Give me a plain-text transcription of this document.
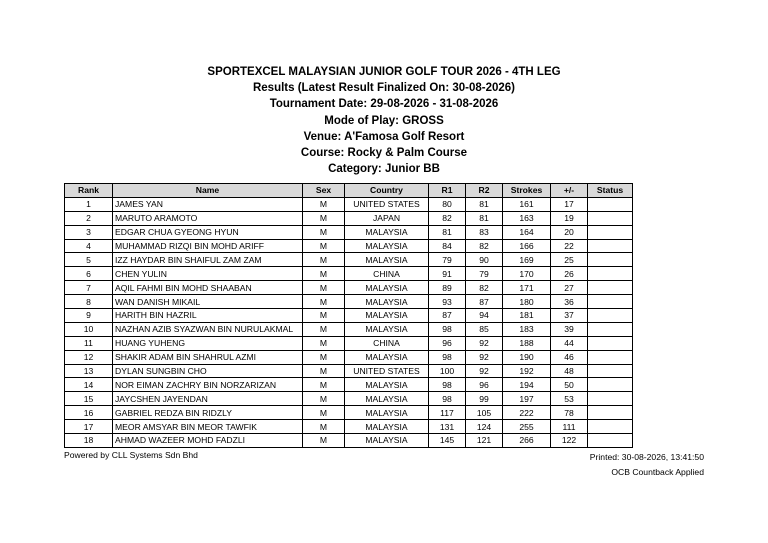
SPORTEXCEL MALAYSIAN JUNIOR GOLF TOUR 2026 - 4TH LEG
Results (Latest Result Finalized On: 30-08-2026)
Tournament Date: 29-08-2026 - 31-08-2026
Mode of Play: GROSS
Venue: A'Famosa Golf Resort
Course: Rocky & Palm Course
Category: Junior BB
Rank	Name	Sex	Country	R1	R2	Strokes	+/-	Status
1	JAMES YAN	M	UNITED STATES	80	81	161	17	
2	MARUTO ARAMOTO	M	JAPAN	82	81	163	19	
3	EDGAR CHUA GYEONG HYUN	M	MALAYSIA	81	83	164	20	
4	MUHAMMAD RIZQI BIN MOHD ARIFF	M	MALAYSIA	84	82	166	22	
5	IZZ HAYDAR BIN SHAIFUL ZAM ZAM	M	MALAYSIA	79	90	169	25	
6	CHEN YULIN	M	CHINA	91	79	170	26	
7	AQIL FAHMI BIN MOHD SHAABAN	M	MALAYSIA	89	82	171	27	
8	WAN DANISH MIKAIL	M	MALAYSIA	93	87	180	36	
9	HARITH BIN HAZRIL	M	MALAYSIA	87	94	181	37	
10	NAZHAN AZIB SYAZWAN BIN NURULAKMAL	M	MALAYSIA	98	85	183	39	
11	HUANG YUHENG	M	CHINA	96	92	188	44	
12	SHAKIR ADAM BIN SHAHRUL AZMI	M	MALAYSIA	98	92	190	46	
13	DYLAN SUNGBIN CHO	M	UNITED STATES	100	92	192	48	
14	NOR EIMAN ZACHRY BIN NORZARIZAN	M	MALAYSIA	98	96	194	50	
15	JAYCSHEN JAYENDAN	M	MALAYSIA	98	99	197	53	
16	GABRIEL REDZA BIN RIDZLY	M	MALAYSIA	117	105	222	78	
17	MEOR AMSYAR BIN MEOR TAWFIK	M	MALAYSIA	131	124	255	111	
18	AHMAD WAZEER MOHD FADZLI	M	MALAYSIA	145	121	266	122	
Powered by CLL Systems Sdn Bhd	Printed: 30-08-2026, 13:41:50
OCB Countback Applied
